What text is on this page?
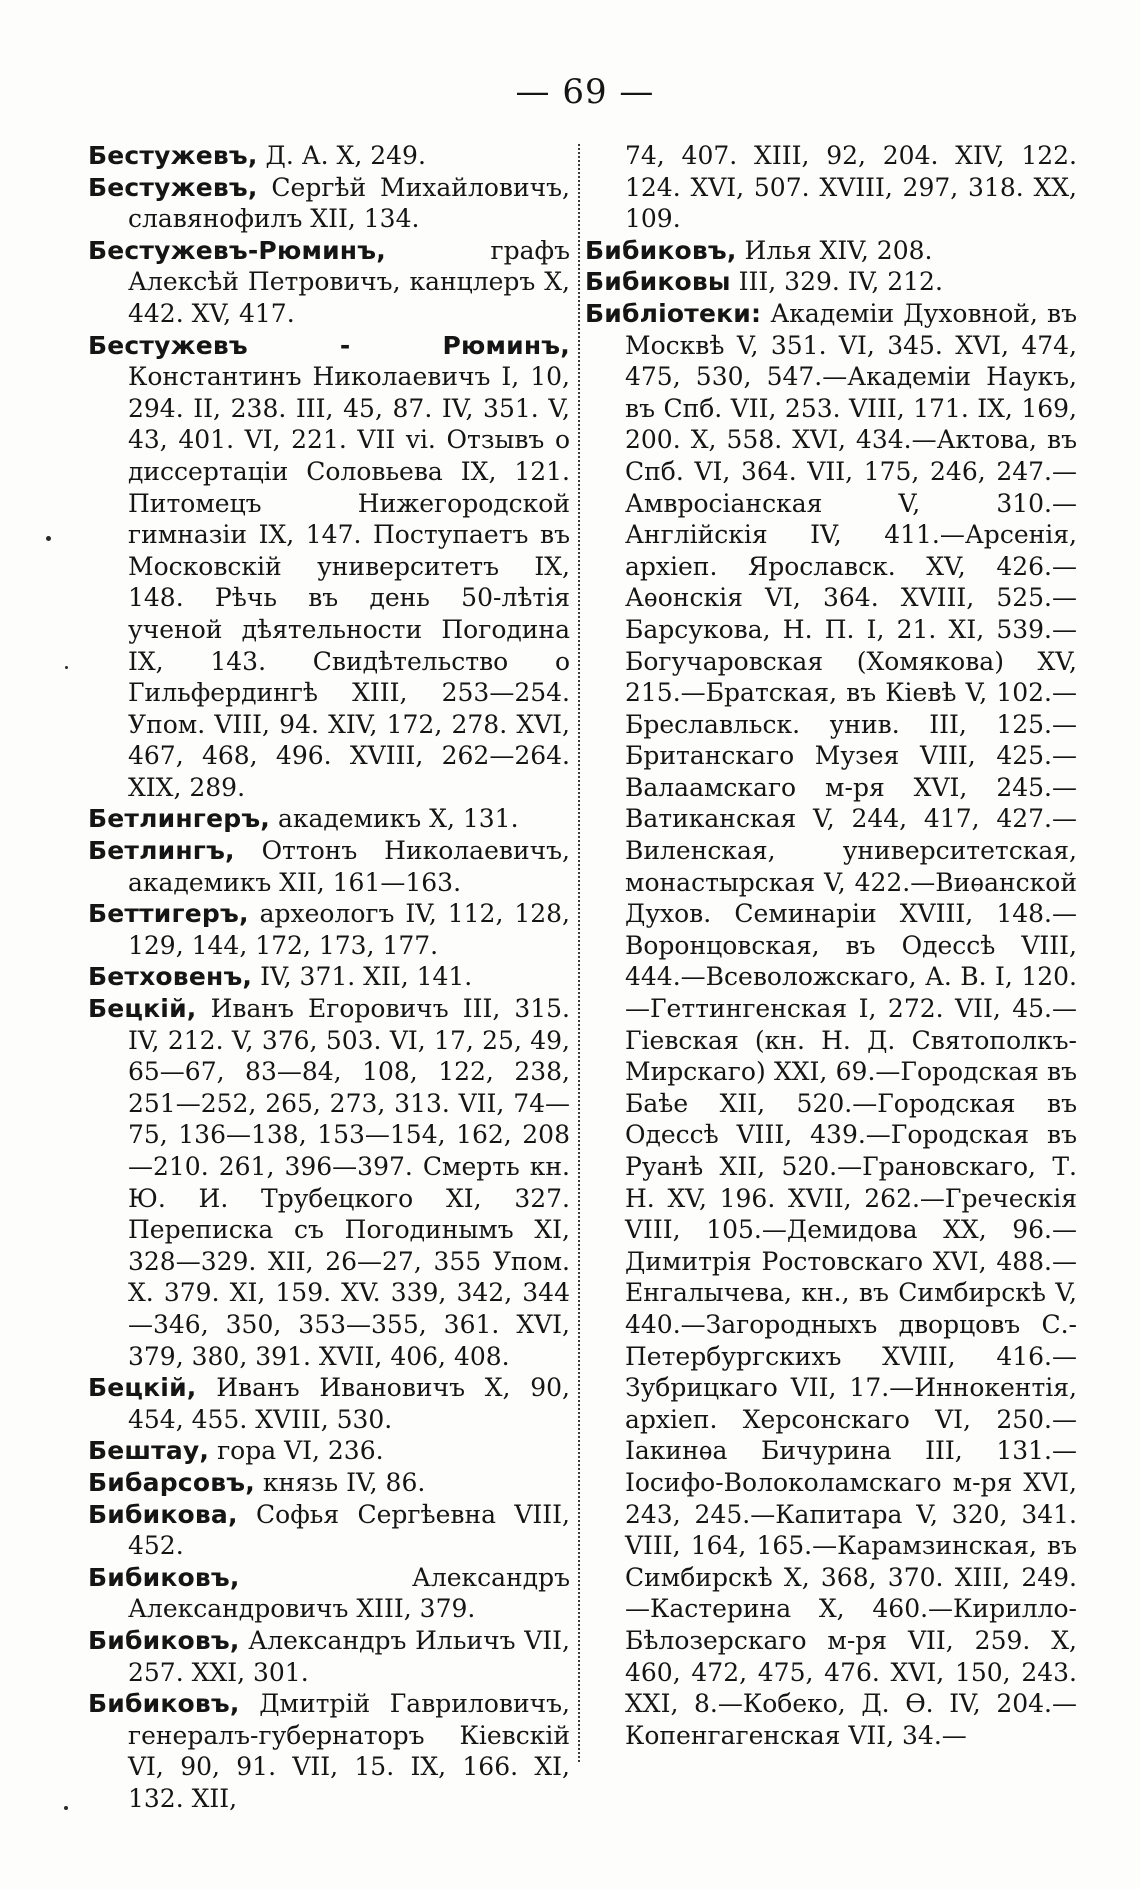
— 69 —
Бестужевъ, Д. А. X, 249.
Бестужевъ, Сергѣй Михайловичъ, славянофилъ XII, 134.
Бестужевъ-Рюминъ, графъ Алексѣй Петровичъ, канцлеръ X, 442. XV, 417.
Бестужевъ - Рюминъ, Константинъ Николаевичъ I, 10, 294. II, 238. III, 45, 87. IV, 351. V, 43, 401. VI, 221. VII vi. Отзывъ о диссертаціи Соловьева IX, 121. Питомецъ Нижегородской гимназіи IX, 147. Поступаетъ въ Московскій университетъ IX, 148. Рѣчь въ день 50-лѣтія ученой дѣятельности Погодина IX, 143. Свидѣтельство о Гильфердингѣ XIII, 253—254. Упом. VIII, 94. XIV, 172, 278. XVI, 467, 468, 496. XVIII, 262—264. XIX, 289.
Бетлингеръ, академикъ X, 131.
Бетлингъ, Оттонъ Николаевичъ, академикъ XII, 161—163.
Беттигеръ, археологъ IV, 112, 128, 129, 144, 172, 173, 177.
Бетховенъ, IV, 371. XII, 141.
Бецкій, Иванъ Егоровичъ III, 315. IV, 212. V, 376, 503. VI, 17, 25, 49, 65—67, 83—84, 108, 122, 238, 251—252, 265, 273, 313. VII, 74—75, 136—138, 153—154, 162, 208—210. 261, 396—397. Смерть кн. Ю. И. Трубецкого XI, 327. Переписка съ Погодинымъ XI, 328—329. XII, 26—27, 355 Упом. X. 379. XI, 159. XV. 339, 342, 344—346, 350, 353—355, 361. XVI, 379, 380, 391. XVII, 406, 408.
Бецкій, Иванъ Ивановичъ X, 90, 454, 455. XVIII, 530.
Бештау, гора VI, 236.
Бибарсовъ, князь IV, 86.
Бибикова, Софья Сергѣевна VIII, 452.
Бибиковъ, Александръ Александровичъ XIII, 379.
Бибиковъ, Александръ Ильичъ VII, 257. XXI, 301.
Бибиковъ, Дмитрій Гавриловичъ, генералъ-губернаторъ Кіевскій VI, 90, 91. VII, 15. IX, 166. XI, 132. XII,
74, 407. XIII, 92, 204. XIV, 122. 124. XVI, 507. XVIII, 297, 318. XX, 109.
Бибиковъ, Илья XIV, 208.
Бибиковы III, 329. IV, 212.
Библіотеки: Академіи Духовной, въ Москвѣ V, 351. VI, 345. XVI, 474, 475, 530, 547.—Академіи Наукъ, въ Спб. VII, 253. VIII, 171. IX, 169, 200. X, 558. XVI, 434.—Актова, въ Спб. VI, 364. VII, 175, 246, 247.—Амвросіанская V, 310.—Англійскія IV, 411.—Арсенія, архіеп. Ярославск. XV, 426.—Аѳонскія VI, 364. XVIII, 525.—Барсукова, Н. П. I, 21. XI, 539.—Богучаровская (Хомякова) XV, 215.—Братская, въ Кіевѣ V, 102.—Бреславльск. унив. III, 125.—Британскаго Музея VIII, 425.—Валаамскаго м-ря XVI, 245.—Ватиканская V, 244, 417, 427.—Виленская, университетская, монастырская V, 422.—Виѳанской Духов. Семинаріи XVIII, 148.—Воронцовская, въ Одессѣ VIII, 444.—Всеволожскаго, А. В. I, 120.—Геттингенская I, 272. VII, 45.—Гіевская (кн. Н. Д. Святополкъ-Мирскаго) XXI, 69.—Городская въ Баѣе XII, 520.—Городская въ Одессѣ VIII, 439.—Городская въ Руанѣ XII, 520.—Грановскаго, Т. Н. XV, 196. XVII, 262.—Греческія VIII, 105.—Демидова XX, 96.—Димитрія Ростовскаго XVI, 488.—Енгалычева, кн., въ Симбирскѣ V, 440.—Загородныхъ дворцовъ С.-Петербургскихъ XVIII, 416.—Зубрицкаго VII, 17.—Иннокентія, архіеп. Херсонскаго VI, 250.—Іакинѳа Бичурина III, 131.—Іосифо-Волоколамскаго м-ря XVI, 243, 245.—Капитара V, 320, 341. VIII, 164, 165.—Карамзинская, въ Симбирскѣ X, 368, 370. XIII, 249.—Кастерина X, 460.—Кирилло-Бѣлозерскаго м-ря VII, 259. X, 460, 472, 475, 476. XVI, 150, 243. XXI, 8.—Кобеко, Д. Ѳ. IV, 204.—Копенгагенская VII, 34.—
